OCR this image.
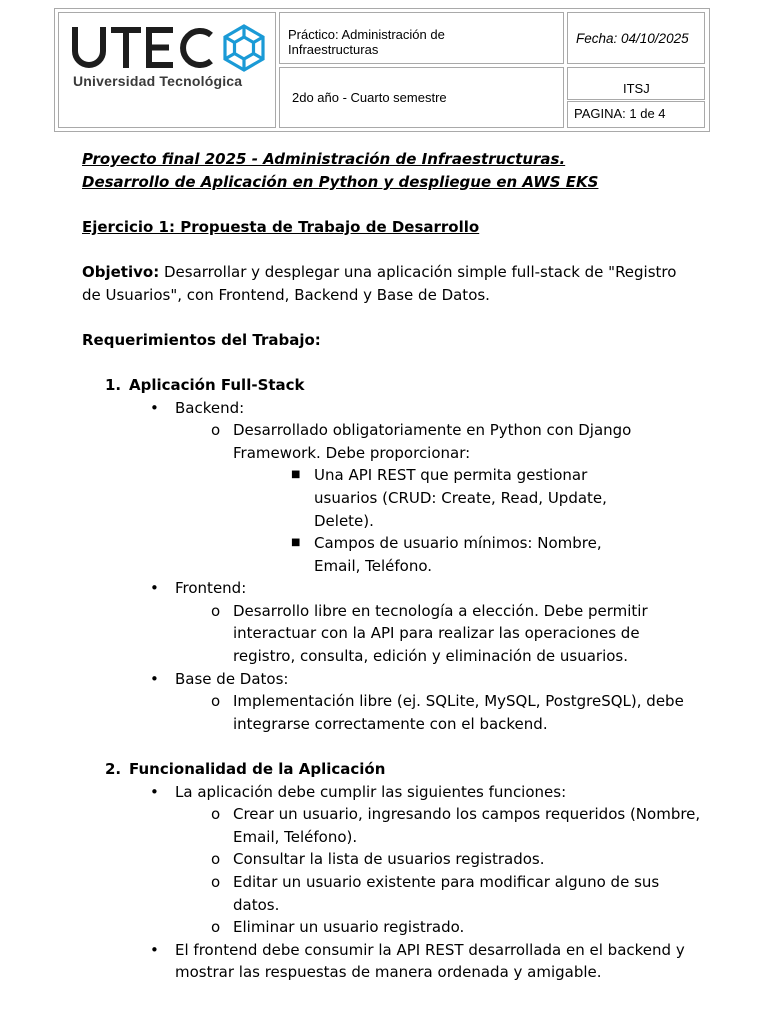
Universidad Tecnológica
Práctico: Administración de Infraestructuras
2do año - Cuarto semestre
Fecha: 04/10/2025
ITSJ
PAGINA: 1 de 4

Proyecto final 2025 - Administración de Infraestructuras. Desarrollo de Aplicación en Python y despliegue en AWS EKS

Ejercicio 1: Propuesta de Trabajo de Desarrollo

Objetivo: Desarrollar y desplegar una aplicación simple full-stack de "Registro de Usuarios", con Frontend, Backend y Base de Datos.

Requerimientos del Trabajo:

1. Aplicación Full-Stack

• Backend:

o Desarrollado obligatoriamente en Python con Django Framework. Debe proporcionar:

■ Una API REST que permita gestionar usuarios (CRUD: Create, Read, Update, Delete).

■ Campos de usuario mínimos: Nombre, Email, Teléfono.

• Frontend:

o Desarrollo libre en tecnología a elección. Debe permitir interactuar con la API para realizar las operaciones de registro, consulta, edición y eliminación de usuarios.

• Base de Datos:

o Implementación libre (ej. SQLite, MySQL, PostgreSQL), debe integrarse correctamente con el backend.

2. Funcionalidad de la Aplicación

• La aplicación debe cumplir las siguientes funciones:

o Crear un usuario, ingresando los campos requeridos (Nombre, Email, Teléfono).

o Consultar la lista de usuarios registrados.

o Editar un usuario existente para modificar alguno de sus datos.

o Eliminar un usuario registrado.

• El frontend debe consumir la API REST desarrollada en el backend y mostrar las respuestas de manera ordenada y amigable.
